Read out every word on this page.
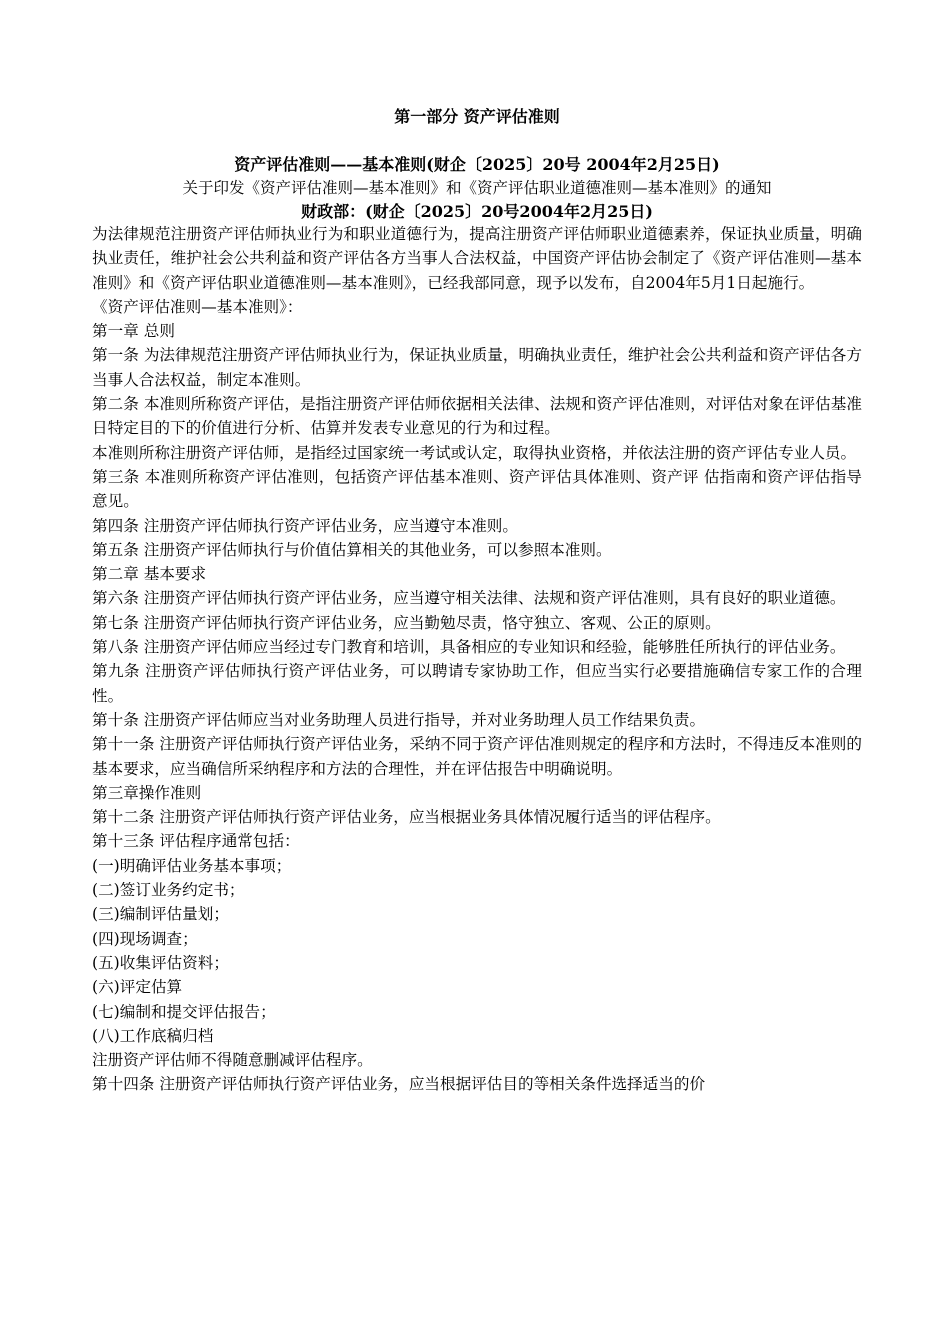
第一部分 资产评估准则
资产评估准则——基本准则(财企〔2025〕20号 2004年2月25日)
关于印发《资产评估准则—基本准则》和《资产评估职业道德准则—基本准则》的通知
财政部：(财企〔2025〕20号2004年2月25日)

为法律规范注册资产评估师执业行为和职业道德行为，提高注册资产评估师职业道德素养，保证执业质量，明确执业责任，维护社会公共利益和资产评估各方当事人合法权益，中国资产评估协会制定了《资产评估准则—基本准则》和《资产评估职业道德准则—基本准则》，已经我部同意，现予以发布，自2004年5月1日起施行。

《资产评估准则—基本准则》：

第一章 总则

第一条 为法律规范注册资产评估师执业行为，保证执业质量，明确执业责任，维护社会公共利益和资产评估各方当事人合法权益，制定本准则。

第二条 本准则所称资产评估，是指注册资产评估师依据相关法律、法规和资产评估准则，对评估对象在评估基准日特定目的下的价值进行分析、估算并发表专业意见的行为和过程。

本准则所称注册资产评估师，是指经过国家统一考试或认定，取得执业资格，并依法注册的资产评估专业人员。

第三条 本准则所称资产评估准则，包括资产评估基本准则、资产评估具体准则、资产评 估指南和资产评估指导意见。

第四条 注册资产评估师执行资产评估业务，应当遵守本准则。

第五条 注册资产评估师执行与价值估算相关的其他业务，可以参照本准则。

第二章 基本要求

第六条 注册资产评估师执行资产评估业务，应当遵守相关法律、法规和资产评估准则，具有良好的职业道德。

第七条 注册资产评估师执行资产评估业务，应当勤勉尽责，恪守独立、客观、公正的原则。

第八条 注册资产评估师应当经过专门教育和培训，具备相应的专业知识和经验，能够胜任所执行的评估业务。

第九条 注册资产评估师执行资产评估业务，可以聘请专家协助工作，但应当实行必要措施确信专家工作的合理性。

第十条 注册资产评估师应当对业务助理人员进行指导，并对业务助理人员工作结果负责。

第十一条 注册资产评估师执行资产评估业务，采纳不同于资产评估准则规定的程序和方法时，不得违反本准则的基本要求，应当确信所采纳程序和方法的合理性，并在评估报告中明确说明。

第三章操作准则

第十二条 注册资产评估师执行资产评估业务，应当根据业务具体情况履行适当的评估程序。

第十三条 评估程序通常包括：

(一)明确评估业务基本事项；

(二)签订业务约定书；

(三)编制评估量划；

(四)现场调查；

(五)收集评估资料；

(六)评定估算

(七)编制和提交评估报告；

(八)工作底稿归档

注册资产评估师不得随意删减评估程序。

第十四条 注册资产评估师执行资产评估业务，应当根据评估目的等相关条件选择适当的价
